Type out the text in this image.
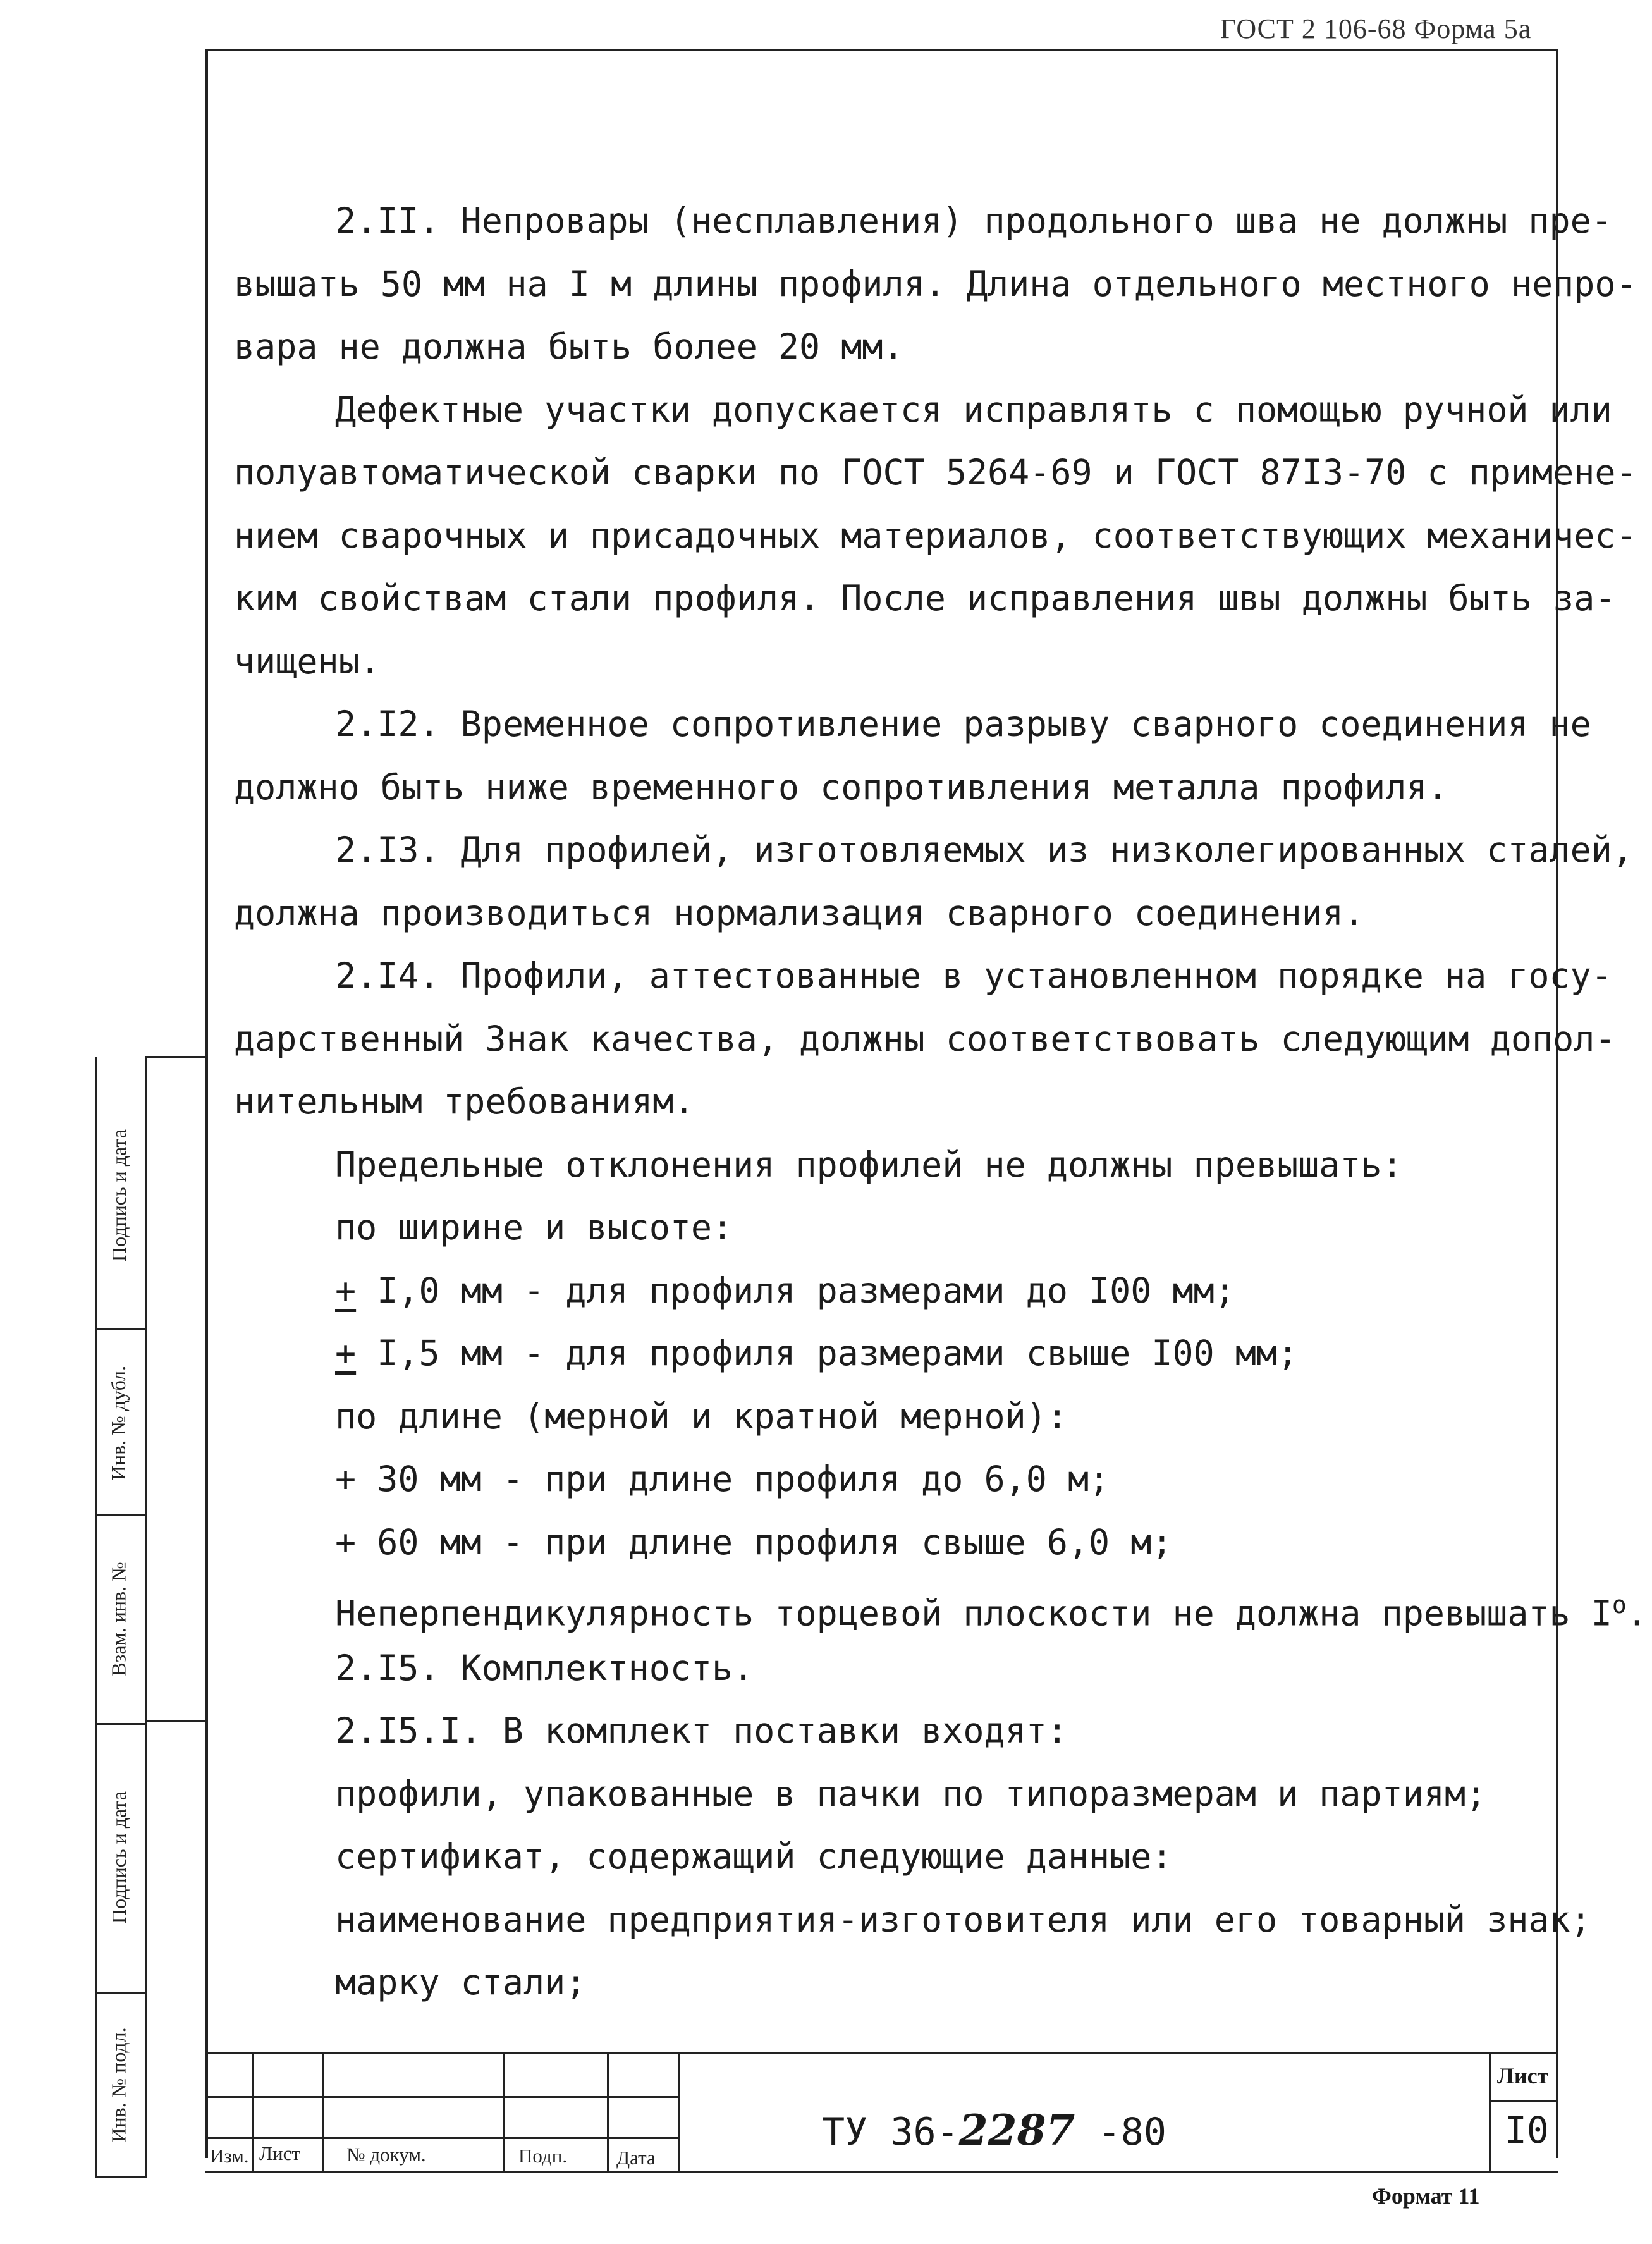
ГОСТ 2 106-68 Форма 5а
2.II. Непровары (несплавления) продольного шва не должны пре-
вышать 50 мм на I м длины профиля. Длина отдельного местного непро-
вара не должна быть более 20 мм.
Дефектные участки допускается исправлять с помощью ручной или
полуавтоматической сварки по ГОСТ 5264-69 и ГОСТ 87I3-70 с применe-
нием сварочных и присадочных материалов, соответствующих механичес-
ким свойствам стали профиля. После исправления швы должны быть за-
чищены.
2.I2. Временное сопротивление разрыву сварного соединения не
должно быть ниже временного сопротивления металла профиля.
2.I3. Для профилей, изготовляемых из низколегированных сталей,
должна производиться нормализация сварного соединения.
2.I4. Профили, аттестованные в установленном порядке на госу-
дарственный Знак качества, должны соответствовать следующим допол-
нительным требованиям.
Предельные отклонения профилей не должны превышать:
по ширине и высоте:
+ I,0 мм - для профиля размерами до I00 мм;
+ I,5 мм - для профиля размерами свыше I00 мм;
по длине (мерной и кратной мерной):
+ 30 мм - при длине профиля до 6,0 м;
+ 60 мм - при длине профиля свыше 6,0 м;
Неперпендикулярность торцевой плоскости не должна превышать $I^o$.
2.I5. Комплектность.
2.I5.I. В комплект поставки входят:
профили, упакованные в пачки по типоразмерам и партиям;
сертификат, содержащий следующие данные:
наименование предприятия-изготовителя или его товарный знак;
марку стали;
Подпись и дата
Инв. № дубл.
Взам. инв. №
Подпись и дата
Инв. № подл.
Изм. Лист № докум.	Подп.	Дата
ТУ 36-2287 -80
Лист
I0
Формат 11
